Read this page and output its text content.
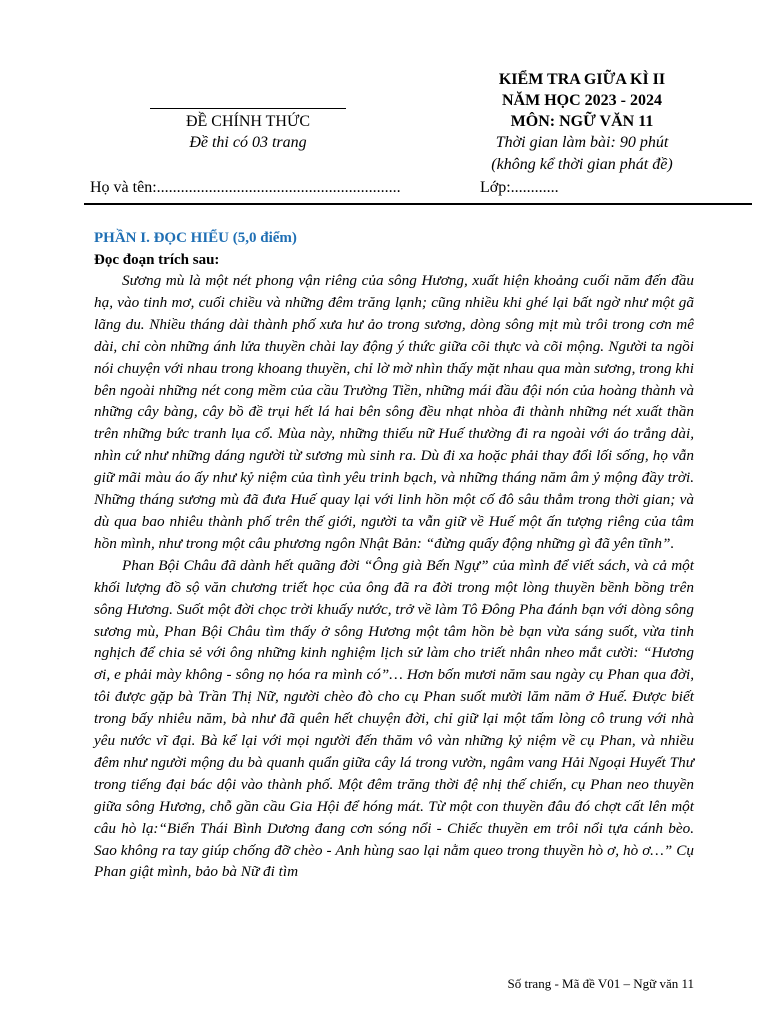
ĐỀ CHÍNH THỨC
Đề thi có 03 trang
KIỂM TRA GIỮA KÌ II
NĂM HỌC 2023 - 2024
MÔN: NGỮ VĂN 11
Thời gian làm bài: 90 phút
(không kể thời gian phát đề)
Họ và tên:.............................................................	Lớp:............
PHẦN I. ĐỌC HIỂU (5,0 điểm)
Đọc đoạn trích sau:

Sương mù là một nét phong vận riêng của sông Hương, xuất hiện khoảng cuối năm đến đầu hạ, vào tinh mơ, cuối chiều và những đêm trăng lạnh; cũng nhiều khi ghé lại bất ngờ như một gã lãng du. Nhiều tháng dài thành phố xưa hư ảo trong sương, dòng sông mịt mù trôi trong cơn mê dài, chỉ còn những ánh lửa thuyền chài lay động ý thức giữa cõi thực và cõi mộng. Người ta ngồi nói chuyện với nhau trong khoang thuyền, chỉ lờ mờ nhìn thấy mặt nhau qua màn sương, trong khi bên ngoài những nét cong mềm của cầu Trường Tiền, những mái đầu đội nón của hoàng thành và những cây bàng, cây bồ đề trụi hết lá hai bên sông đều nhạt nhòa đi thành những nét xuất thần trên những bức tranh lụa cổ. Mùa này, những thiếu nữ Huế thường đi ra ngoài với áo trắng dài, nhìn cứ như những dáng người từ sương mù sinh ra. Dù đi xa hoặc phải thay đổi lối sống, họ vẫn giữ mãi màu áo ấy như kỷ niệm của tình yêu trinh bạch, và những tháng năm âm ỷ mộng đầy trời. Những tháng sương mù đã đưa Huế quay lại với linh hồn một cố đô sâu thẳm trong thời gian; và dù qua bao nhiêu thành phố trên thế giới, người ta vẫn giữ về Huế một ấn tượng riêng của tâm hồn mình, như trong một câu phương ngôn Nhật Bản: “đừng quấy động những gì đã yên tĩnh”.

Phan Bội Châu đã dành hết quãng đời “Ông già Bến Ngự” của mình để viết sách, và cả một khối lượng đồ sộ văn chương triết học của ông đã ra đời trong một lòng thuyền bềnh bồng trên sông Hương. Suốt một đời chọc trời khuấy nước, trở về làm Tô Đông Pha đánh bạn với dòng sông sương mù, Phan Bội Châu tìm thấy ở sông Hương một tâm hồn bè bạn vừa sáng suốt, vừa tinh nghịch để chia sẻ với ông những kinh nghiệm lịch sử làm cho triết nhân nheo mắt cười: “Hương ơi, e phải mày không - sông nọ hóa ra mình có”… Hơn bốn mươi năm sau ngày cụ Phan qua đời, tôi được gặp bà Trần Thị Nữ, người chèo đò cho cụ Phan suốt mười lăm năm ở Huế. Được biết trong bấy nhiêu năm, bà như đã quên hết chuyện đời, chỉ giữ lại một tấm lòng cô trung với nhà yêu nước vĩ đại. Bà kể lại với mọi người đến thăm vô vàn những kỷ niệm về cụ Phan, và nhiều đêm như người mộng du bà quanh quẩn giữa cây lá trong vườn, ngâm vang Hải Ngoại Huyết Thư trong tiếng đại bác dội vào thành phố. Một đêm trăng thời đệ nhị thế chiến, cụ Phan neo thuyền giữa sông Hương, chỗ gần cầu Gia Hội để hóng mát. Từ một con thuyền đâu đó chợt cất lên một câu hò lạ:“Biển Thái Bình Dương đang cơn sóng nổi - Chiếc thuyền em trôi nổi tựa cánh bèo. Sao không ra tay giúp chống đỡ chèo - Anh hùng sao lại nằm queo trong thuyền hò ơ, hò ơ…” Cụ Phan giật mình, bảo bà Nữ đi tìm

Số trang - Mã đề V01 – Ngữ văn 11
